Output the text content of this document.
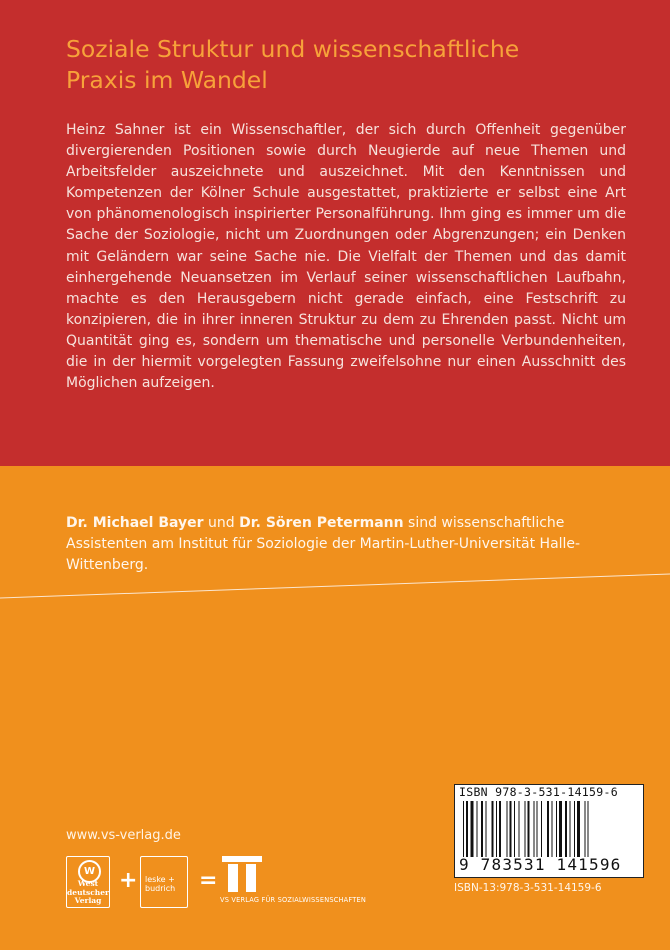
Soziale Struktur und wissenschaftliche
Praxis im Wandel

Heinz Sahner ist ein Wissenschaftler, der sich durch Offenheit gegenüber divergierenden Positionen sowie durch Neugierde auf neue Themen und Arbeitsfelder auszeichnete und auszeichnet. Mit den Kenntnissen und Kompetenzen der Kölner Schule ausgestattet, praktizierte er selbst eine Art von phänomenologisch inspirierter Personalführung. Ihm ging es immer um die Sache der Soziologie, nicht um Zuordnungen oder Abgrenzungen; ein Denken mit Geländern war seine Sache nie. Die Vielfalt der Themen und das damit einhergehende Neuansetzen im Verlauf seiner wissenschaftlichen Laufbahn, machte es den Herausgebern nicht gerade einfach, eine Festschrift zu konzipieren, die in ihrer inneren Struktur zu dem zu Ehrenden passt. Nicht um Quantität ging es, sondern um thematische und personelle Verbundenheiten, die in der hiermit vorgelegten Fassung zweifelsohne nur einen Ausschnitt des Möglichen aufzeigen.

Dr. Michael Bayer und Dr. Sören Petermann sind wissenschaftliche Assistenten am Institut für Soziologie der Martin-Luther-Universität Halle-Wittenberg.

ISBN 978-3-531-14159-6
9 783531 141596
ISBN-13:978-3-531-14159-6
www.vs-verlag.de
W
West
deutscher
Verlag
+ leske + budrich	=
VS VERLAG FÜR SOZIALWISSENSCHAFTEN
